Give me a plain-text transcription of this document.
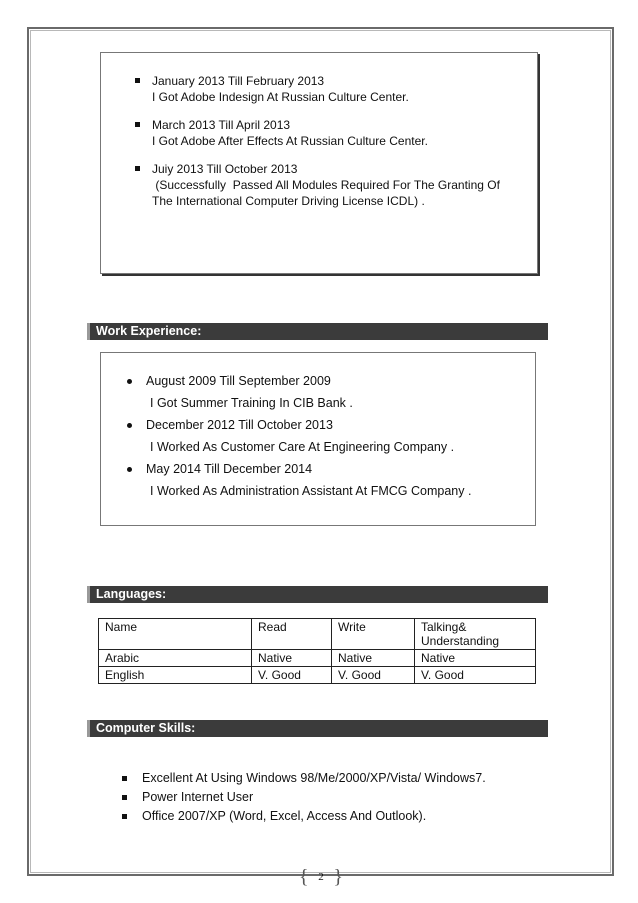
January 2013 Till February 2013
I Got Adobe Indesign At Russian Culture Center.
March 2013 Till April 2013
I Got Adobe After Effects At Russian Culture Center.
Juiy 2013 Till October 2013
(Successfully  Passed All Modules Required For The Granting Of
The International Computer Driving License ICDL) .
Work Experience:
August 2009 Till September 2009
I Got Summer Training In CIB Bank .
December 2012 Till October 2013
I Worked As Customer Care At Engineering Company .
May 2014 Till December 2014
I Worked As Administration Assistant At FMCG Company .
Languages:
Name	Read	Write	Talking&
Understanding

Arabic	Native	Native	Native
English	V. Good	V. Good	V. Good
Computer Skills:
Excellent At Using Windows 98/Me/2000/XP/Vista/ Windows7.
Power Internet User
Office 2007/XP (Word, Excel, Access And Outlook).
{ 2 }
